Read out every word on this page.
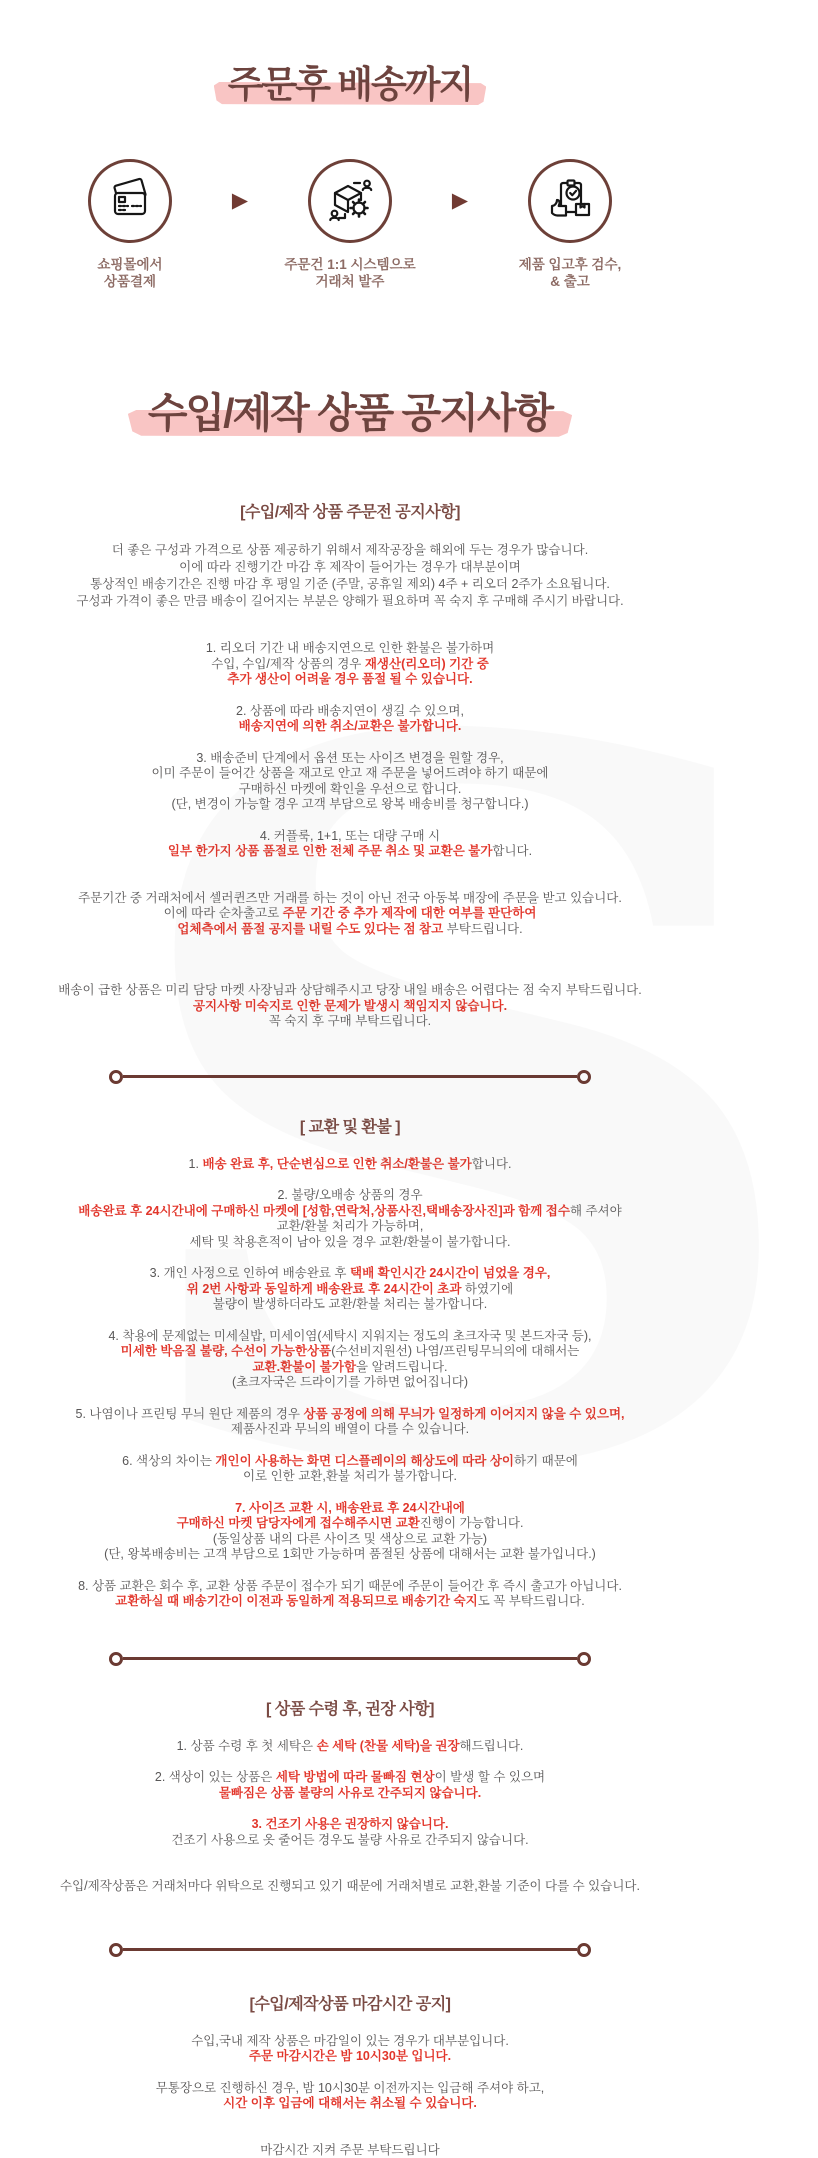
주문후 배송까지
쇼핑몰에서
상품결제
▶
주문건 1:1 시스템으로
거래처 발주
▶
제품 입고후 검수,
& 출고
수입/제작 상품 공지사항
[수입/제작 상품 주문전 공지사항]
더 좋은 구성과 가격으로 상품 제공하기 위해서 제작공장을 해외에 두는 경우가 많습니다.
이에 따라 진행기간 마감 후 제작이 들어가는 경우가 대부분이며
통상적인 배송기간은 진행 마감 후 평일 기준 (주말, 공휴일 제외) 4주 + 리오더 2주가 소요됩니다.
구성과 가격이 좋은 만큼 배송이 길어지는 부분은 양해가 필요하며 꼭 숙지 후 구매해 주시기 바랍니다.
1. 리오더 기간 내 배송지연으로 인한 환불은 불가하며
수입, 수입/제작 상품의 경우 재생산(리오더) 기간 중
추가 생산이 어려울 경우 품절 될 수 있습니다.
2. 상품에 따라 배송지연이 생길 수 있으며,
배송지연에 의한 취소/교환은 불가합니다.
3. 배송준비 단계에서 옵션 또는 사이즈 변경을 원할 경우,
이미 주문이 들어간 상품을 재고로 안고 재 주문을 넣어드려야 하기 때문에
구매하신 마켓에 확인을 우선으로 합니다.
(단, 변경이 가능할 경우 고객 부담으로 왕복 배송비를 청구합니다.)
4. 커플룩, 1+1, 또는 대량 구매 시
일부 한가지 상품 품절로 인한 전체 주문 취소 및 교환은 불가합니다.
주문기간 중 거래처에서 셀러퀸즈만 거래를 하는 것이 아닌 전국 아동복 매장에 주문을 받고 있습니다.
이에 따라 순차출고로 주문 기간 중 추가 제작에 대한 여부를 판단하여
업체측에서 품절 공지를 내릴 수도 있다는 점 참고 부탁드립니다.
배송이 급한 상품은 미리 담당 마켓 사장님과 상담해주시고 당장 내일 배송은 어렵다는 점 숙지 부탁드립니다.
공지사항 미숙지로 인한 문제가 발생시 책임지지 않습니다.
꼭 숙지 후 구매 부탁드립니다.
[ 교환 및 환불 ]
1. 배송 완료 후, 단순변심으로 인한 취소/환불은 불가합니다.
2. 불량/오배송 상품의 경우
배송완료 후 24시간내에 구매하신 마켓에 [성함,연락처,상품사진,택배송장사진]과 함께 접수해 주셔야
교환/환불 처리가 가능하며,
세탁 및 착용흔적이 남아 있을 경우 교환/환불이 불가합니다.
3. 개인 사정으로 인하여 배송완료 후 택배 확인시간 24시간이 넘었을 경우,
위 2번 사항과 동일하게 배송완료 후 24시간이 초과 하였기에
불량이 발생하더라도 교환/환불 처리는 불가합니다.
4. 착용에 문제없는 미세실밥, 미세이염(세탁시 지워지는 정도의 초크자국 및 본드자국 등),
미세한 박음질 불량, 수선이 가능한상품(수선비지원선) 나염/프린팅무늬의에 대해서는
교환.환불이 불가함을 알려드립니다.
(초크자국은 드라이기를 가하면 없어집니다)
5. 나염이나 프린팅 무늬 원단 제품의 경우 상품 공정에 의해 무늬가 일정하게 이어지지 않을 수 있으며,
제품사진과 무늬의 배열이 다를 수 있습니다.
6. 색상의 차이는 개인이 사용하는 화면 디스플레이의 해상도에 따라 상이하기 때문에
이로 인한 교환,환불 처리가 불가합니다.
7. 사이즈 교환 시, 배송완료 후 24시간내에
구매하신 마켓 담당자에게 접수해주시면 교환진행이 가능합니다.
(동일상품 내의 다른 사이즈 및 색상으로 교환 가능)
(단, 왕복배송비는 고객 부담으로 1회만 가능하며 품절된 상품에 대해서는 교환 불가입니다.)
8. 상품 교환은 회수 후, 교환 상품 주문이 접수가 되기 때문에 주문이 들어간 후 즉시 출고가 아닙니다.
교환하실 때 배송기간이 이전과 동일하게 적용되므로 배송기간 숙지도 꼭 부탁드립니다.
[ 상품 수령 후, 권장 사항]
1. 상품 수령 후 첫 세탁은 손 세탁 (찬물 세탁)을 권장해드립니다.
2. 색상이 있는 상품은 세탁 방법에 따라 물빠짐 현상이 발생 할 수 있으며
물빠짐은 상품 불량의 사유로 간주되지 않습니다.
3. 건조기 사용은 권장하지 않습니다.
건조기 사용으로 옷 줄어든 경우도 불량 사유로 간주되지 않습니다.
수입/제작상품은 거래처마다 위탁으로 진행되고 있기 때문에 거래처별로 교환,환불 기준이 다를 수 있습니다.
[수입/제작상품 마감시간 공지]
수입,국내 제작 상품은 마감일이 있는 경우가 대부분입니다.
주문 마감시간은 밤 10시30분 입니다.
무통장으로 진행하신 경우, 밤 10시30분 이전까지는 입금해 주셔야 하고,
시간 이후 입금에 대해서는 취소될 수 있습니다.
마감시간 지켜 주문 부탁드립니다
